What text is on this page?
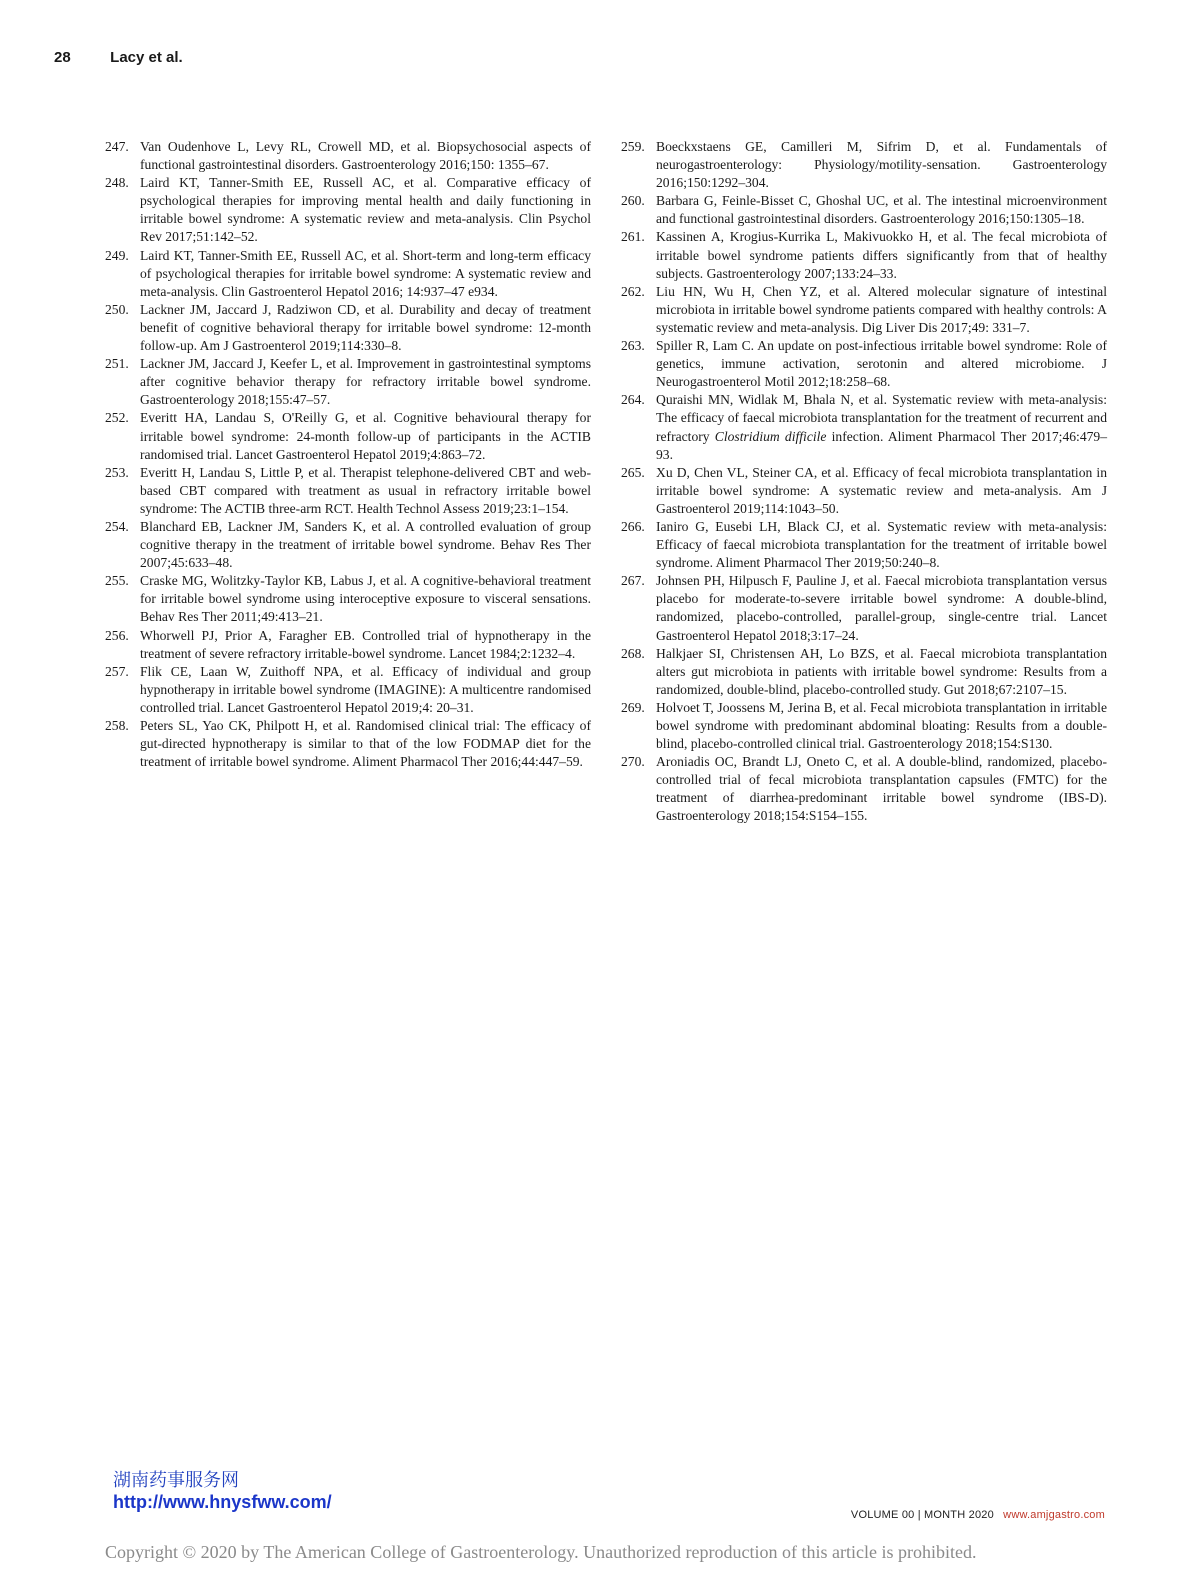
28	Lacy et al.
247. Van Oudenhove L, Levy RL, Crowell MD, et al. Biopsychosocial aspects of functional gastrointestinal disorders. Gastroenterology 2016;150: 1355–67.
248. Laird KT, Tanner-Smith EE, Russell AC, et al. Comparative efficacy of psychological therapies for improving mental health and daily functioning in irritable bowel syndrome: A systematic review and meta-analysis. Clin Psychol Rev 2017;51:142–52.
249. Laird KT, Tanner-Smith EE, Russell AC, et al. Short-term and long-term efficacy of psychological therapies for irritable bowel syndrome: A systematic review and meta-analysis. Clin Gastroenterol Hepatol 2016; 14:937–47 e934.
250. Lackner JM, Jaccard J, Radziwon CD, et al. Durability and decay of treatment benefit of cognitive behavioral therapy for irritable bowel syndrome: 12-month follow-up. Am J Gastroenterol 2019;114:330–8.
251. Lackner JM, Jaccard J, Keefer L, et al. Improvement in gastrointestinal symptoms after cognitive behavior therapy for refractory irritable bowel syndrome. Gastroenterology 2018;155:47–57.
252. Everitt HA, Landau S, O'Reilly G, et al. Cognitive behavioural therapy for irritable bowel syndrome: 24-month follow-up of participants in the ACTIB randomised trial. Lancet Gastroenterol Hepatol 2019;4:863–72.
253. Everitt H, Landau S, Little P, et al. Therapist telephone-delivered CBT and web-based CBT compared with treatment as usual in refractory irritable bowel syndrome: The ACTIB three-arm RCT. Health Technol Assess 2019;23:1–154.
254. Blanchard EB, Lackner JM, Sanders K, et al. A controlled evaluation of group cognitive therapy in the treatment of irritable bowel syndrome. Behav Res Ther 2007;45:633–48.
255. Craske MG, Wolitzky-Taylor KB, Labus J, et al. A cognitive-behavioral treatment for irritable bowel syndrome using interoceptive exposure to visceral sensations. Behav Res Ther 2011;49:413–21.
256. Whorwell PJ, Prior A, Faragher EB. Controlled trial of hypnotherapy in the treatment of severe refractory irritable-bowel syndrome. Lancet 1984;2:1232–4.
257. Flik CE, Laan W, Zuithoff NPA, et al. Efficacy of individual and group hypnotherapy in irritable bowel syndrome (IMAGINE): A multicentre randomised controlled trial. Lancet Gastroenterol Hepatol 2019;4: 20–31.
258. Peters SL, Yao CK, Philpott H, et al. Randomised clinical trial: The efficacy of gut-directed hypnotherapy is similar to that of the low FODMAP diet for the treatment of irritable bowel syndrome. Aliment Pharmacol Ther 2016;44:447–59.
259. Boeckxstaens GE, Camilleri M, Sifrim D, et al. Fundamentals of neurogastroenterology: Physiology/motility-sensation. Gastroenterology 2016;150:1292–304.
260. Barbara G, Feinle-Bisset C, Ghoshal UC, et al. The intestinal microenvironment and functional gastrointestinal disorders. Gastroenterology 2016;150:1305–18.
261. Kassinen A, Krogius-Kurrika L, Makivuokko H, et al. The fecal microbiota of irritable bowel syndrome patients differs significantly from that of healthy subjects. Gastroenterology 2007;133:24–33.
262. Liu HN, Wu H, Chen YZ, et al. Altered molecular signature of intestinal microbiota in irritable bowel syndrome patients compared with healthy controls: A systematic review and meta-analysis. Dig Liver Dis 2017;49: 331–7.
263. Spiller R, Lam C. An update on post-infectious irritable bowel syndrome: Role of genetics, immune activation, serotonin and altered microbiome. J Neurogastroenterol Motil 2012;18:258–68.
264. Quraishi MN, Widlak M, Bhala N, et al. Systematic review with meta-analysis: The efficacy of faecal microbiota transplantation for the treatment of recurrent and refractory Clostridium difficile infection. Aliment Pharmacol Ther 2017;46:479–93.
265. Xu D, Chen VL, Steiner CA, et al. Efficacy of fecal microbiota transplantation in irritable bowel syndrome: A systematic review and meta-analysis. Am J Gastroenterol 2019;114:1043–50.
266. Ianiro G, Eusebi LH, Black CJ, et al. Systematic review with meta-analysis: Efficacy of faecal microbiota transplantation for the treatment of irritable bowel syndrome. Aliment Pharmacol Ther 2019;50:240–8.
267. Johnsen PH, Hilpusch F, Pauline J, et al. Faecal microbiota transplantation versus placebo for moderate-to-severe irritable bowel syndrome: A double-blind, randomized, placebo-controlled, parallel-group, single-centre trial. Lancet Gastroenterol Hepatol 2018;3:17–24.
268. Halkjaer SI, Christensen AH, Lo BZS, et al. Faecal microbiota transplantation alters gut microbiota in patients with irritable bowel syndrome: Results from a randomized, double-blind, placebo-controlled study. Gut 2018;67:2107–15.
269. Holvoet T, Joossens M, Jerina B, et al. Fecal microbiota transplantation in irritable bowel syndrome with predominant abdominal bloating: Results from a double-blind, placebo-controlled clinical trial. Gastroenterology 2018;154:S130.
270. Aroniadis OC, Brandt LJ, Oneto C, et al. A double-blind, randomized, placebo-controlled trial of fecal microbiota transplantation capsules (FMTC) for the treatment of diarrhea-predominant irritable bowel syndrome (IBS-D). Gastroenterology 2018;154:S154–155.
湖南药事服务网
http://www.hnysfww.com/
VOLUME 00 | MONTH 2020 www.amjgastro.com
Copyright © 2020 by The American College of Gastroenterology. Unauthorized reproduction of this article is prohibited.
